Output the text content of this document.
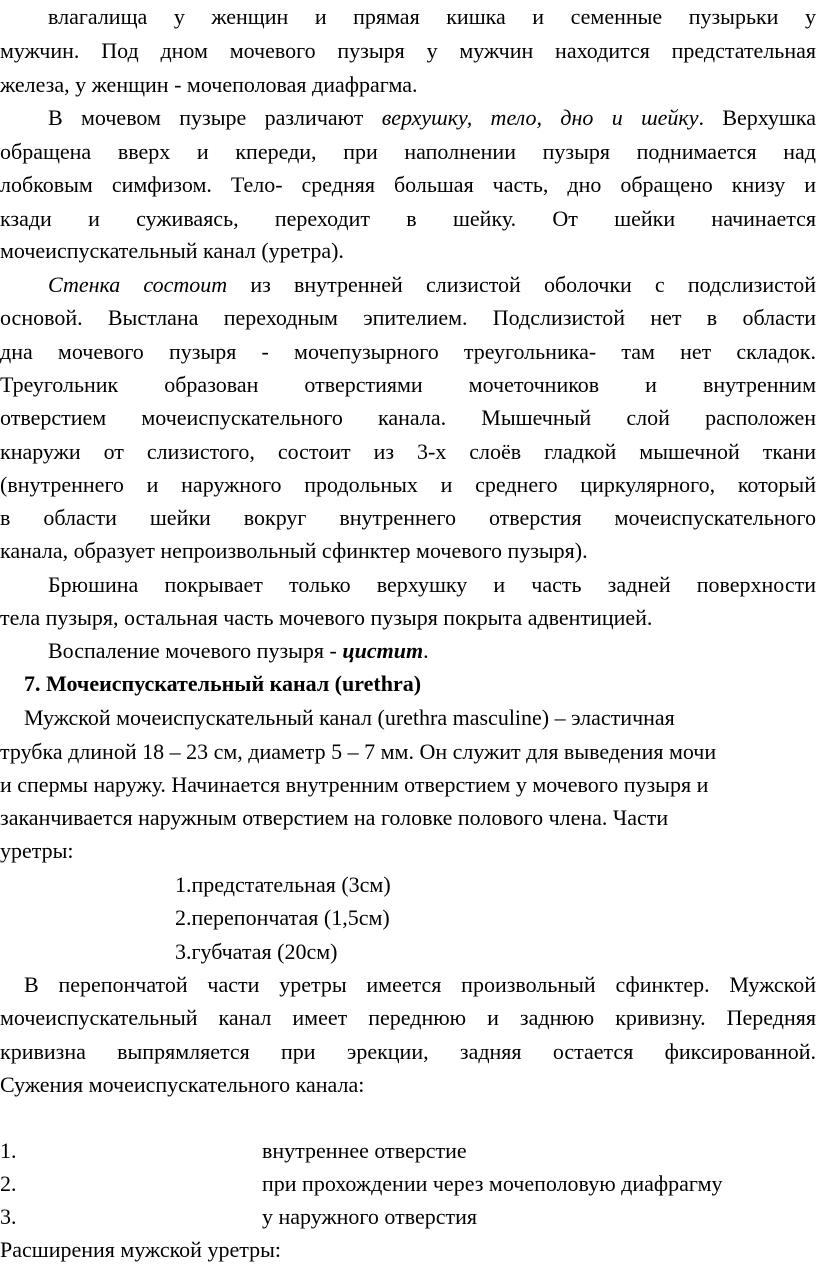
влагалища у женщин и прямая кишка и семенные пузырьки у
мужчин. Под дном мочевого пузыря у мужчин находится предстательная
железа, у женщин - мочеполовая диафрагма.
В мочевом пузыре различают верхушку, тело, дно и шейку. Верхушка
обращена вверх и кпереди, при наполнении пузыря поднимается над
лобковым симфизом. Тело- средняя большая часть, дно обращено книзу и
кзади и суживаясь, переходит в шейку. От шейки начинается
мочеиспускательный канал (уретра).
Стенка состоит из внутренней слизистой оболочки с подслизистой
основой. Выстлана переходным эпителием. Подслизистой нет в области
дна мочевого пузыря - мочепузырного треугольника- там нет складок.
Треугольник образован отверстиями мочеточников и внутренним
отверстием мочеиспускательного канала. Мышечный слой расположен
кнаружи от слизистого, состоит из 3-х слоёв гладкой мышечной ткани
(внутреннего и наружного продольных и среднего циркулярного, который
в области шейки вокруг внутреннего отверстия мочеиспускательного
канала, образует непроизвольный сфинктер мочевого пузыря).
Брюшина покрывает только верхушку и часть задней поверхности
тела пузыря, остальная часть мочевого пузыря покрыта адвентицией.
Воспаление мочевого пузыря - цистит.
7. Мочеиспускательный канал (urethra)
Мужской мочеиспускательный канал (urethra masculine) – эластичная
трубка длиной 18 – 23 см, диаметр 5 – 7 мм. Он служит для выведения мочи
и спермы наружу. Начинается внутренним отверстием у мочевого пузыря и
заканчивается наружным отверстием на головке полового члена. Части
уретры:
1.предстательная (3см)
2.перепончатая (1,5см)
3.губчатая (20см)
В перепончатой части уретры имеется произвольный сфинктер. Мужской
мочеиспускательный канал имеет переднюю и заднюю кривизну. Передняя
кривизна выпрямляется при эрекции, задняя остается фиксированной.
Сужения мочеиспускательного канала:
1.	внутреннее отверстие
2.	при прохождении через мочеполовую диафрагму
3.	у наружного отверстия
Расширения мужской уретры:
